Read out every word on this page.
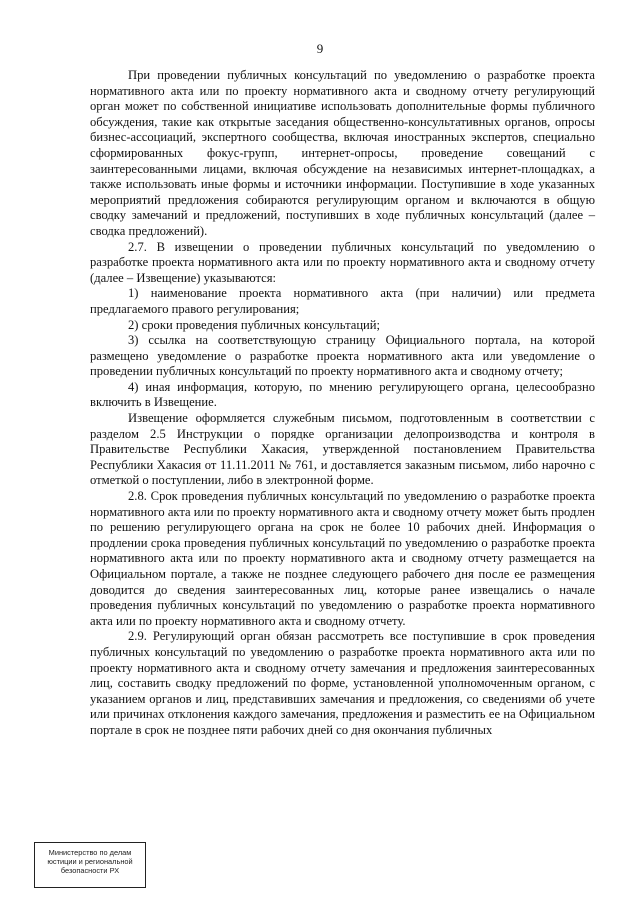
9

При проведении публичных консультаций по уведомлению о разработке проекта нормативного акта или по проекту нормативного акта и сводному отчету регулирующий орган может по собственной инициативе использовать дополнительные формы публичного обсуждения, такие как открытые заседания общественно-консультативных органов, опросы бизнес-ассоциаций, экспертного сообщества, включая иностранных экспертов, специально сформированных фокус-групп, интернет-опросы, проведение совещаний с заинтересованными лицами, включая обсуждение на независимых интернет-площадках, а также использовать иные формы и источники информации. Поступившие в ходе указанных мероприятий предложения собираются регулирующим органом и включаются в общую сводку замечаний и предложений, поступивших в ходе публичных консультаций (далее – сводка предложений).

2.7. В извещении о проведении публичных консультаций по уведомлению о разработке проекта нормативного акта или по проекту нормативного акта и сводному отчету (далее – Извещение) указываются:

1) наименование проекта нормативного акта (при наличии) или предмета предлагаемого правого регулирования;

2) сроки проведения публичных консультаций;

3) ссылка на соответствующую страницу Официального портала, на которой размещено уведомление о разработке проекта нормативного акта или уведомление о проведении публичных консультаций по проекту нормативного акта и сводному отчету;

4) иная информация, которую, по мнению регулирующего органа, целесообразно включить в Извещение.

Извещение оформляется служебным письмом, подготовленным в соответствии с разделом 2.5 Инструкции о порядке организации делопроизводства и контроля в Правительстве Республики Хакасия, утвержденной постановлением Правительства Республики Хакасия от 11.11.2011 № 761, и доставляется заказным письмом, либо нарочно с отметкой о поступлении, либо в электронной форме.

2.8. Срок проведения публичных консультаций по уведомлению о разработке проекта нормативного акта или по проекту нормативного акта и сводному отчету может быть продлен по решению регулирующего органа на срок не более 10 рабочих дней. Информация о продлении срока проведения публичных консультаций по уведомлению о разработке проекта нормативного акта или по проекту нормативного акта и сводному отчету размещается на Официальном портале, а также не позднее следующего рабочего дня после ее размещения доводится до сведения заинтересованных лиц, которые ранее извещались о начале проведения публичных консультаций по уведомлению о разработке проекта нормативного акта или по проекту нормативного акта и сводному отчету.

2.9. Регулирующий орган обязан рассмотреть все поступившие в срок проведения публичных консультаций по уведомлению о разработке проекта нормативного акта или по проекту нормативного акта и сводному отчету замечания и предложения заинтересованных лиц, составить сводку предложений по форме, установленной уполномоченным органом, с указанием органов и лиц, представивших замечания и предложения, со сведениями об учете или причинах отклонения каждого замечания, предложения и разместить ее на Официальном портале в срок не позднее пяти рабочих дней со дня окончания публичных

Министерство по делам
юстиции и региональной
безопасности РХ
